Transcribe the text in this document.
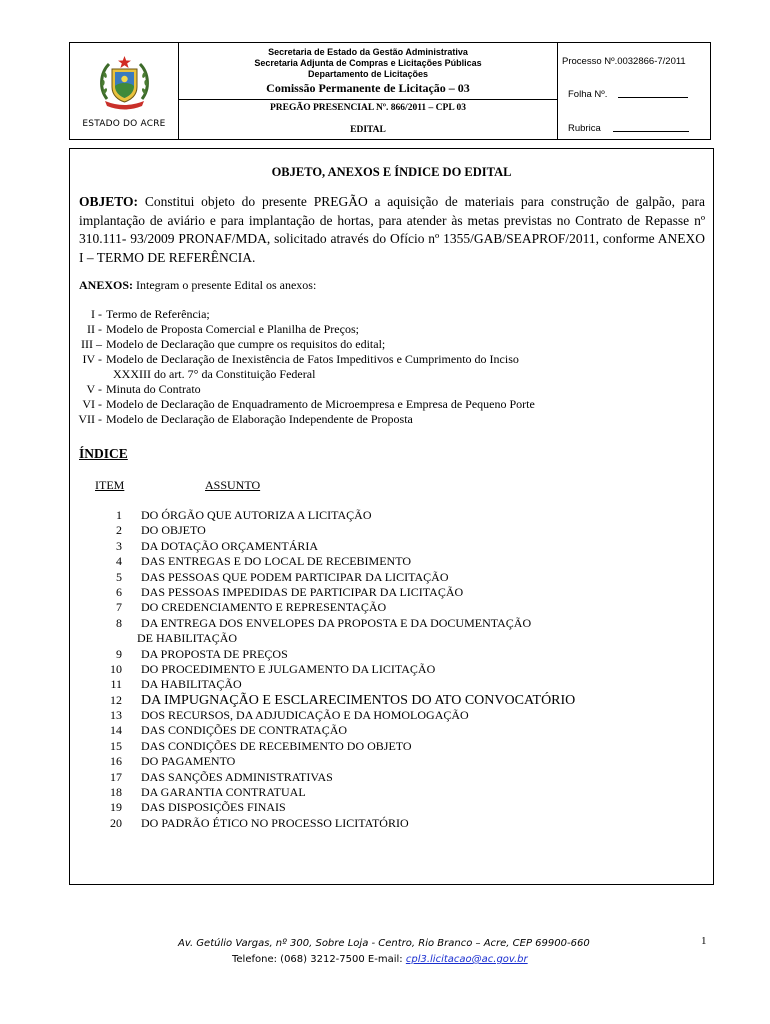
ESTADO DO ACRE
Secretaria de Estado da Gestão Administrativa
Secretaria Adjunta de Compras e Licitações Públicas
Departamento de Licitações
Comissão Permanente de Licitação – 03
PREGÃO PRESENCIAL Nº. 866/2011 – CPL 03
EDITAL
Processo Nº.0032866-7/2011
Folha Nº.
Rubrica
OBJETO, ANEXOS E ÍNDICE DO EDITAL

OBJETO: Constitui objeto do presente PREGÃO a aquisição de materiais para construção de galpão, para implantação de aviário e para implantação de hortas, para atender às metas previstas no Contrato de Repasse nº 310.111- 93/2009 PRONAF/MDA, solicitado através do Ofício nº 1355/GAB/SEAPROF/2011, conforme ANEXO I – TERMO DE REFERÊNCIA.

ANEXOS: Integram o presente Edital os anexos:

I - Termo de Referência;
II - Modelo de Proposta Comercial e Planilha de Preços;
III – Modelo de Declaração que cumpre os requisitos do edital;
IV - Modelo de Declaração de Inexistência de Fatos Impeditivos e Cumprimento do Inciso
XXXIII do art. 7° da Constituição Federal
V - Minuta do Contrato
VI - Modelo de Declaração de Enquadramento de Microempresa e Empresa de Pequeno Porte
VII - Modelo de Declaração de Elaboração Independente de Proposta
ÍNDICE
ITEM	ASSUNTO
1 DO ÓRGÃO QUE AUTORIZA A LICITAÇÃO
2 DO OBJETO
3 DA DOTAÇÃO ORÇAMENTÁRIA
4 DAS ENTREGAS E DO LOCAL DE RECEBIMENTO
5 DAS PESSOAS QUE PODEM PARTICIPAR DA LICITAÇÃO
6 DAS PESSOAS IMPEDIDAS DE PARTICIPAR DA LICITAÇÃO
7 DO CREDENCIAMENTO E REPRESENTAÇÃO
8 DA ENTREGA DOS ENVELOPES DA PROPOSTA E DA DOCUMENTAÇÃO
DE HABILITAÇÃO
9 DA PROPOSTA DE PREÇOS
10 DO PROCEDIMENTO E JULGAMENTO DA LICITAÇÃO
11 DA HABILITAÇÃO
12 DA IMPUGNAÇÃO E ESCLARECIMENTOS DO ATO CONVOCATÓRIO
13 DOS RECURSOS, DA ADJUDICAÇÃO E DA HOMOLOGAÇÃO
14 DAS CONDIÇÕES DE CONTRATAÇÃO
15 DAS CONDIÇÕES DE RECEBIMENTO DO OBJETO
16 DO PAGAMENTO
17 DAS SANÇÕES ADMINISTRATIVAS
18 DA GARANTIA CONTRATUAL
19 DAS DISPOSIÇÕES FINAIS
20 DO PADRÃO ÉTICO NO PROCESSO LICITATÓRIO
Av. Getúlio Vargas, nº 300, Sobre Loja - Centro, Rio Branco – Acre, CEP 69900-660
Telefone: (068) 3212-7500 E-mail: cpl3.licitacao@ac.gov.br
1
